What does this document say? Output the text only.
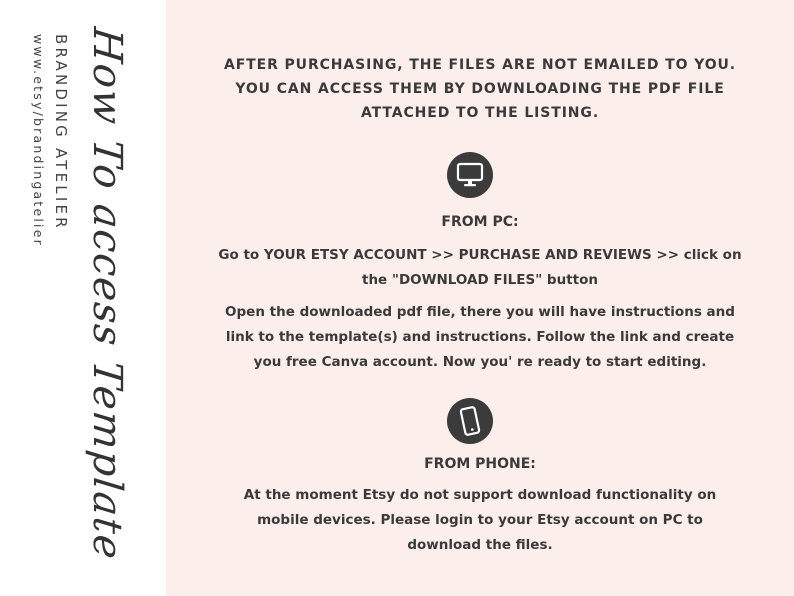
www.etsy/brandingatelier BRANDING ATELIER How To access Template	AFTER PURCHASING, THE FILES ARE NOT EMAILED TO YOU. YOU CAN ACCESS THEM BY DOWNLOADING THE PDF FILE ATTACHED TO THE LISTING.
FROM PC:
Go to YOUR ETSY ACCOUNT >> PURCHASE AND REVIEWS >> click on the "DOWNLOAD FILES" button
Open the downloaded pdf file, there you will have instructions and link to the template(s) and instructions. Follow the link and create you free Canva account. Now you' re ready to start editing.
FROM PHONE:
At the moment Etsy do not support download functionality on mobile devices. Please login to your Etsy account on PC to download the files.
